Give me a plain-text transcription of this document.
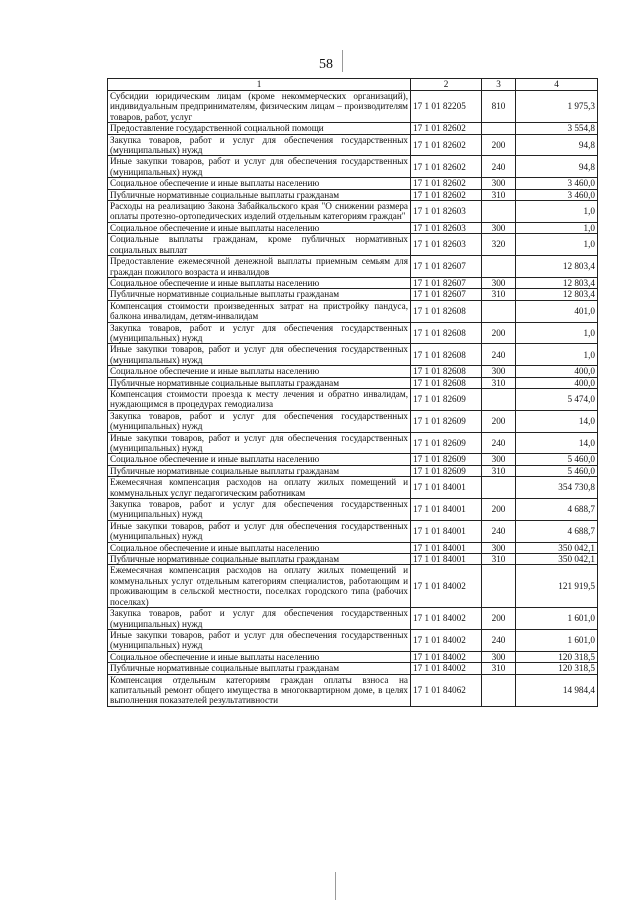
58
1	2	3	4
Субсидии юридическим лицам (кроме некоммерческих организаций), индивидуальным предпринимателям, физическим лицам – производителям товаров, работ, услуг	17 1 01 82205	810	1 975,3
Предоставление государственной социальной помощи	17 1 01 82602		3 554,8
Закупка товаров, работ и услуг для обеспечения государственных (муниципальных) нужд	17 1 01 82602	200	94,8
Иные закупки товаров, работ и услуг для обеспечения государственных (муниципальных) нужд	17 1 01 82602	240	94,8
Социальное обеспечение и иные выплаты населению	17 1 01 82602	300	3 460,0
Публичные нормативные социальные выплаты гражданам	17 1 01 82602	310	3 460,0
Расходы на реализацию Закона Забайкальского края "О снижении размера оплаты протезно-ортопедических изделий отдельным категориям граждан"	17 1 01 82603		1,0
Социальное обеспечение и иные выплаты населению	17 1 01 82603	300	1,0
Социальные выплаты гражданам, кроме публичных нормативных социальных выплат	17 1 01 82603	320	1,0
Предоставление ежемесячной денежной выплаты приемным семьям для граждан пожилого возраста и инвалидов	17 1 01 82607		12 803,4
Социальное обеспечение и иные выплаты населению	17 1 01 82607	300	12 803,4
Публичные нормативные социальные выплаты гражданам	17 1 01 82607	310	12 803,4
Компенсация стоимости произведенных затрат на пристройку пандуса, балкона инвалидам, детям-инвалидам	17 1 01 82608		401,0
Закупка товаров, работ и услуг для обеспечения государственных (муниципальных) нужд	17 1 01 82608	200	1,0
Иные закупки товаров, работ и услуг для обеспечения государственных (муниципальных) нужд	17 1 01 82608	240	1,0
Социальное обеспечение и иные выплаты населению	17 1 01 82608	300	400,0
Публичные нормативные социальные выплаты гражданам	17 1 01 82608	310	400,0
Компенсация стоимости проезда к месту лечения и обратно инвалидам, нуждающимся в процедурах гемодиализа	17 1 01 82609		5 474,0
Закупка товаров, работ и услуг для обеспечения государственных (муниципальных) нужд	17 1 01 82609	200	14,0
Иные закупки товаров, работ и услуг для обеспечения государственных (муниципальных) нужд	17 1 01 82609	240	14,0
Социальное обеспечение и иные выплаты населению	17 1 01 82609	300	5 460,0
Публичные нормативные социальные выплаты гражданам	17 1 01 82609	310	5 460,0
Ежемесячная компенсация расходов на оплату жилых помещений и коммунальных услуг педагогическим работникам	17 1 01 84001		354 730,8
Закупка товаров, работ и услуг для обеспечения государственных (муниципальных) нужд	17 1 01 84001	200	4 688,7
Иные закупки товаров, работ и услуг для обеспечения государственных (муниципальных) нужд	17 1 01 84001	240	4 688,7
Социальное обеспечение и иные выплаты населению	17 1 01 84001	300	350 042,1
Публичные нормативные социальные выплаты гражданам	17 1 01 84001	310	350 042,1
Ежемесячная компенсация расходов на оплату жилых помещений и коммунальных услуг отдельным категориям специалистов, работающим и проживающим в сельской местности, поселках городского типа (рабочих поселках)	17 1 01 84002		121 919,5
Закупка товаров, работ и услуг для обеспечения государственных (муниципальных) нужд	17 1 01 84002	200	1 601,0
Иные закупки товаров, работ и услуг для обеспечения государственных (муниципальных) нужд	17 1 01 84002	240	1 601,0
Социальное обеспечение и иные выплаты населению	17 1 01 84002	300	120 318,5
Публичные нормативные социальные выплаты гражданам	17 1 01 84002	310	120 318,5
Компенсация отдельным категориям граждан оплаты взноса на капитальный ремонт общего имущества в многоквартирном доме, в целях выполнения показателей результативности	17 1 01 84062		14 984,4
